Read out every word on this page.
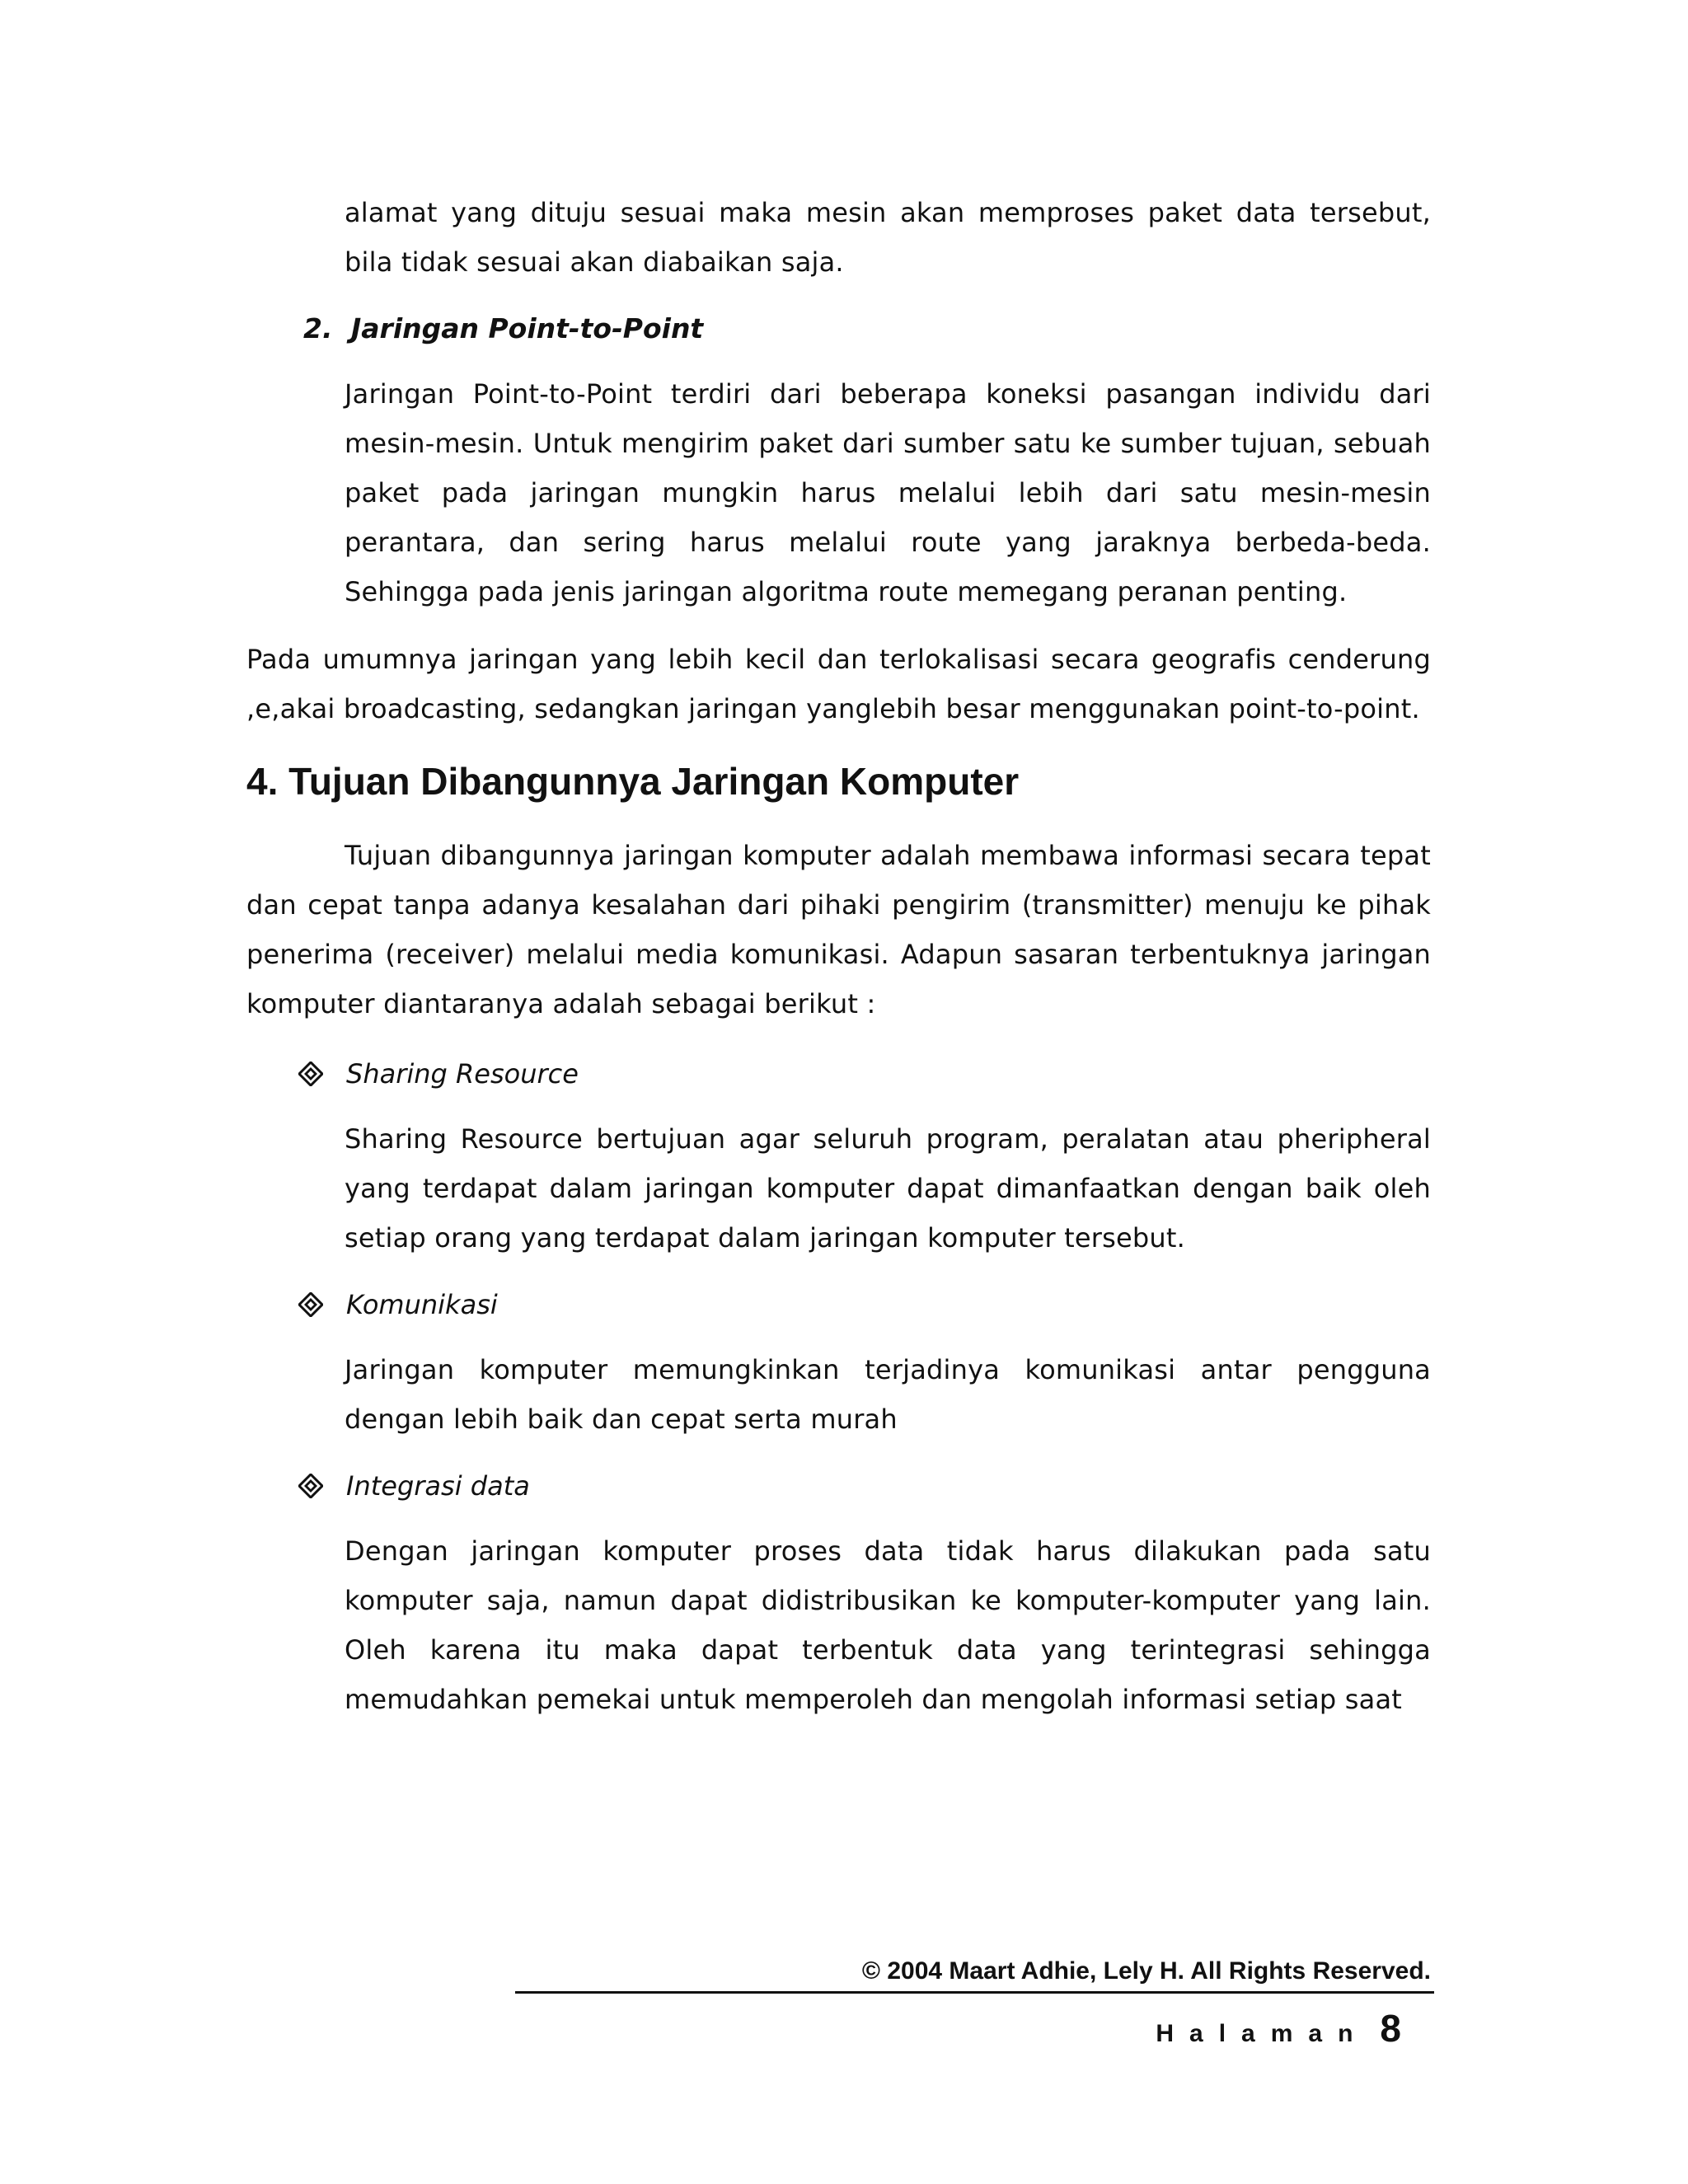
alamat yang dituju sesuai maka mesin akan memproses paket data tersebut, bila tidak sesuai akan diabaikan saja.
2. Jaringan Point-to-Point
Jaringan Point-to-Point terdiri dari beberapa koneksi pasangan individu dari mesin-mesin. Untuk mengirim paket dari sumber satu ke sumber tujuan, sebuah paket pada jaringan mungkin harus melalui lebih dari satu mesin-mesin perantara, dan sering harus melalui route yang jaraknya berbeda-beda. Sehingga pada jenis jaringan algoritma route memegang peranan penting.
Pada umumnya jaringan yang lebih kecil dan terlokalisasi secara geografis cenderung ,e,akai broadcasting, sedangkan jaringan yanglebih besar menggunakan point-to-point.
4. Tujuan Dibangunnya Jaringan Komputer
Tujuan dibangunnya jaringan komputer adalah membawa informasi secara tepat dan cepat tanpa adanya kesalahan dari pihaki pengirim (transmitter) menuju ke pihak penerima (receiver) melalui media komunikasi. Adapun sasaran terbentuknya jaringan komputer diantaranya adalah sebagai berikut :
Sharing Resource
Sharing Resource bertujuan agar seluruh program, peralatan atau pheripheral yang terdapat dalam jaringan komputer dapat dimanfaatkan dengan baik oleh setiap orang yang terdapat dalam jaringan komputer tersebut.
Komunikasi
Jaringan komputer memungkinkan terjadinya komunikasi antar pengguna dengan lebih baik dan cepat serta murah
Integrasi data
Dengan jaringan komputer proses data tidak harus dilakukan pada satu komputer saja, namun dapat didistribusikan ke komputer-komputer yang lain. Oleh karena itu maka dapat terbentuk data yang terintegrasi sehingga memudahkan pemekai untuk memperoleh dan mengolah informasi setiap saat
© 2004 Maart Adhie, Lely H. All Rights Reserved.
Halaman 8
